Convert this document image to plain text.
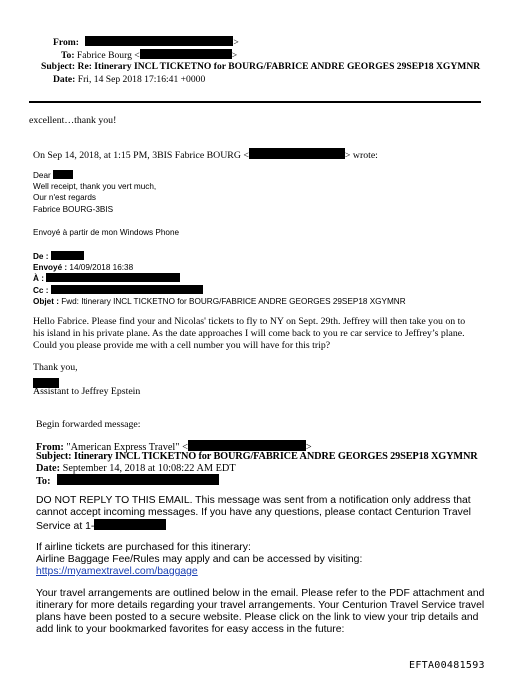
From:	>
To: Fabrice Bourg <	>
Subject: Re: Itinerary INCL TICKETNO for BOURG/FABRICE ANDRE GEORGES 29SEP18 XGYMNR
Date: Fri, 14 Sep 2018 17:16:41 +0000
excellent…thank you!
On Sep 14, 2018, at 1:15 PM, 3BIS Fabrice BOURG <	> wrote:
Dear
Well receipt, thank you vert much,
Our n'est regards
Fabrice BOURG-3BIS
Envoyé à partir de mon Windows Phone
De :
Envoyé : 14/09/2018 16:38
À :
Cc :
Objet : Fwd: Itinerary INCL TICKETNO for BOURG/FABRICE ANDRE GEORGES 29SEP18 XGYMNR
Hello Fabrice. Please find your and Nicolas' tickets to fly to NY on Sept. 29th. Jeffrey will then take you on to
his island in his private plane. As the date approaches I will come back to you re car service to Jeffrey’s plane.
Could you please provide me with a cell number you will have for this trip?
Thank you,
Assistant to Jeffrey Epstein
Begin forwarded message:
From: "American Express Travel" <	>
Subject: Itinerary INCL TICKETNO for BOURG/FABRICE ANDRE GEORGES 29SEP18 XGYMNR
Date: September 14, 2018 at 10:08:22 AM EDT
To:
DO NOT REPLY TO THIS EMAIL. This message was sent from a notification only address that
cannot accept incoming messages. If you have any questions, please contact Centurion Travel
Service at 1-
If airline tickets are purchased for this itinerary:
Airline Baggage Fee/Rules may apply and can be accessed by visiting:
https://myamextravel.com/baggage
Your travel arrangements are outlined below in the email. Please refer to the PDF attachment and
itinerary for more details regarding your travel arrangements. Your Centurion Travel Service travel
plans have been posted to a secure website. Please click on the link to view your trip details and
add link to your bookmarked favorites for easy access in the future:
EFTA00481593
